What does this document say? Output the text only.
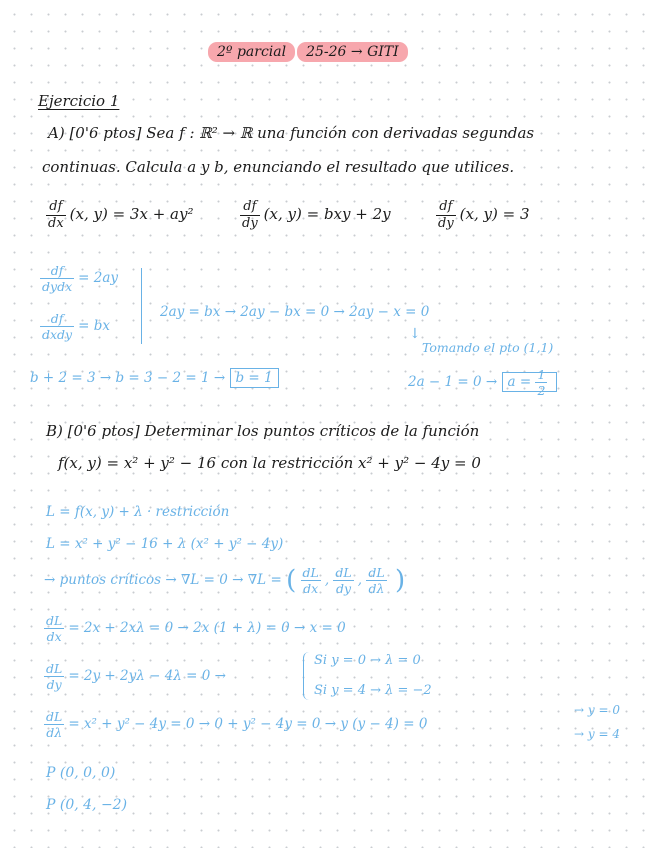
2º parcial 25-26 → GITI
Ejercicio 1
A) [0'6 ptos] Sea f : ℝ² → ℝ una función con derivadas segundas
continuas. Calcula a y b, enunciando el resultado que utilices.
$\frac{df}{dx} (x$, y) = 3x + ay²	$\frac{df}{dy} (x$, y) = bxy + 2y	$\frac{df}{dy} (x$, y) = 3
$\frac{df}{\text{dydx}} = 2ay$
$\frac{df}{\text{dxdy}}$ = bx
2ay = bx → 2ay − bx = 0 → 2ay − x = 0
↓
Tomando el pto (1,1)
b + 2 = 3 → b = 3 − 2 = 1 → b = 1	$2a - 1 = 0 \to a = \frac{1}{2}$
B) [0'6 ptos] Determinar los puntos críticos de la función
f(x, y) = x² + y² − 16 con la restricción x² + y² − 4y = 0
L = f(x, y) + λ · restricción
L = x² + y² − 16 + λ (x² + y² − 4y)
→ puntos críticos → ∇L = 0 → ∇L = ( $\frac{dL}{dx}$ , $\frac{dL}{dy}$ , $\frac{dL}{d\lambda}$ )
$\frac{dL}{dx} = 2x + 2x\lambda = 0 \to 2x$ (1 + λ) = 0 → x = 0
$\frac{dL}{dy} = 2y + 2y\lambda - 4\lambda = 0$ →
Si y = 0 → λ = 0
Si y = 4 → λ = −2
$\frac{dL}{d\lambda} = x^2 + y^2 - 4y = 0 \to 0 + y^2 - 4y = 0 \to y$ (y − 4) = 0
→ y = 0
→ y = 4
P (0, 0, 0)
P (0, 4, −2)
